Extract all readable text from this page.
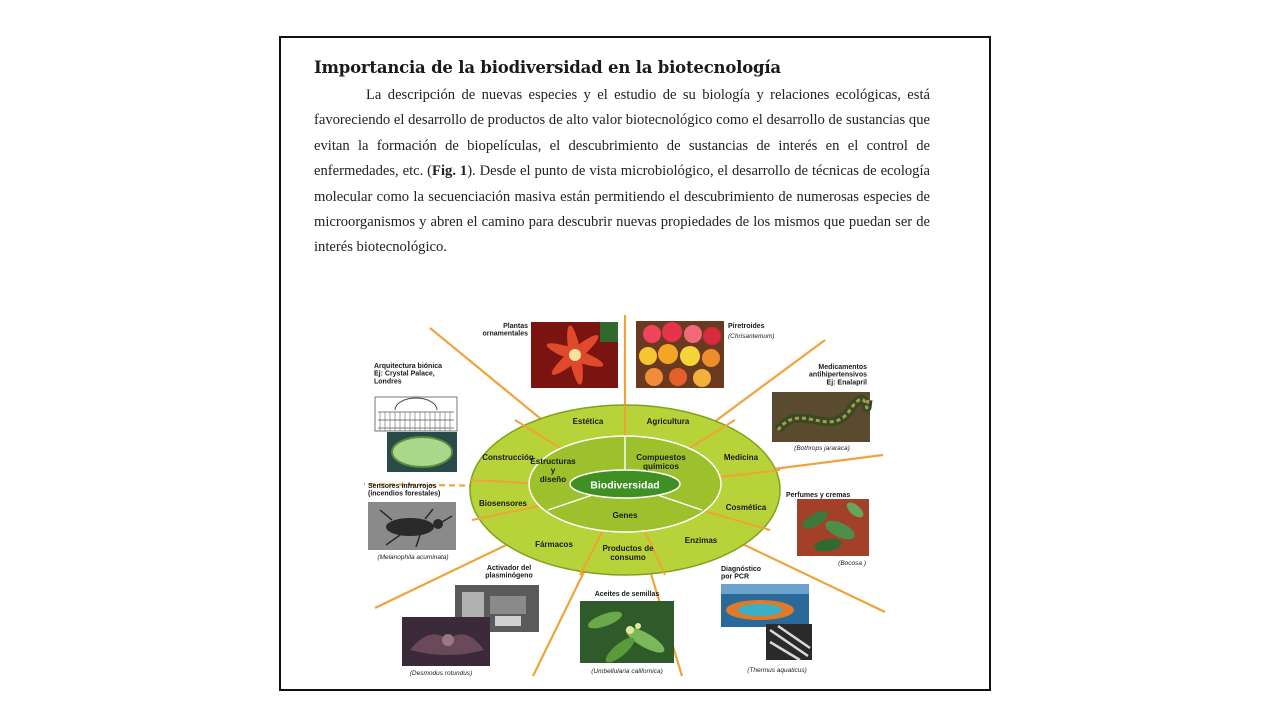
Importancia de la biodiversidad en la biotecnología

La descripción de nuevas especies y el estudio de su biología y relaciones ecológicas, está favoreciendo el desarrollo de productos de alto valor biotecnológico como el desarrollo de sustancias que evitan la formación de biopelículas, el descubrimiento de sustancias de interés en el control de enfermedades, etc. (Fig. 1). Desde el punto de vista microbiológico, el desarrollo de técnicas de ecología molecular como la secuenciación masiva están permitiendo el descubrimiento de numerosas especies de microorganismos y abren el camino para descubrir nuevas propiedades de los mismos que puedan ser de interés biotecnológico.

Biodiversidad
Estructuras y diseño
Compuestos químicos
Genes
Estética	Agricultura
Medicina
Cosmética
Enzimas
Productos de consumo
Fármacos
Biosensores
Construcción
Plantas ornamentales
Piretroides
(Chrisantemum)
Medicamentos antihipertensivos Ej: Enalapril
(Bothrops jararaca)
Perfumes y cremas
(Bocosa )
Diagnóstico por PCR
(Thermus aquaticus)
Aceites de semillas
(Umbellularia californica)
Activador del plasminógeno
(Desmodus rotundus)
Sensores infrarrojos (incendios forestales)
(Melanophila acuminata)
Arquitectura biónica Ej: Crystal Palace, Londres
